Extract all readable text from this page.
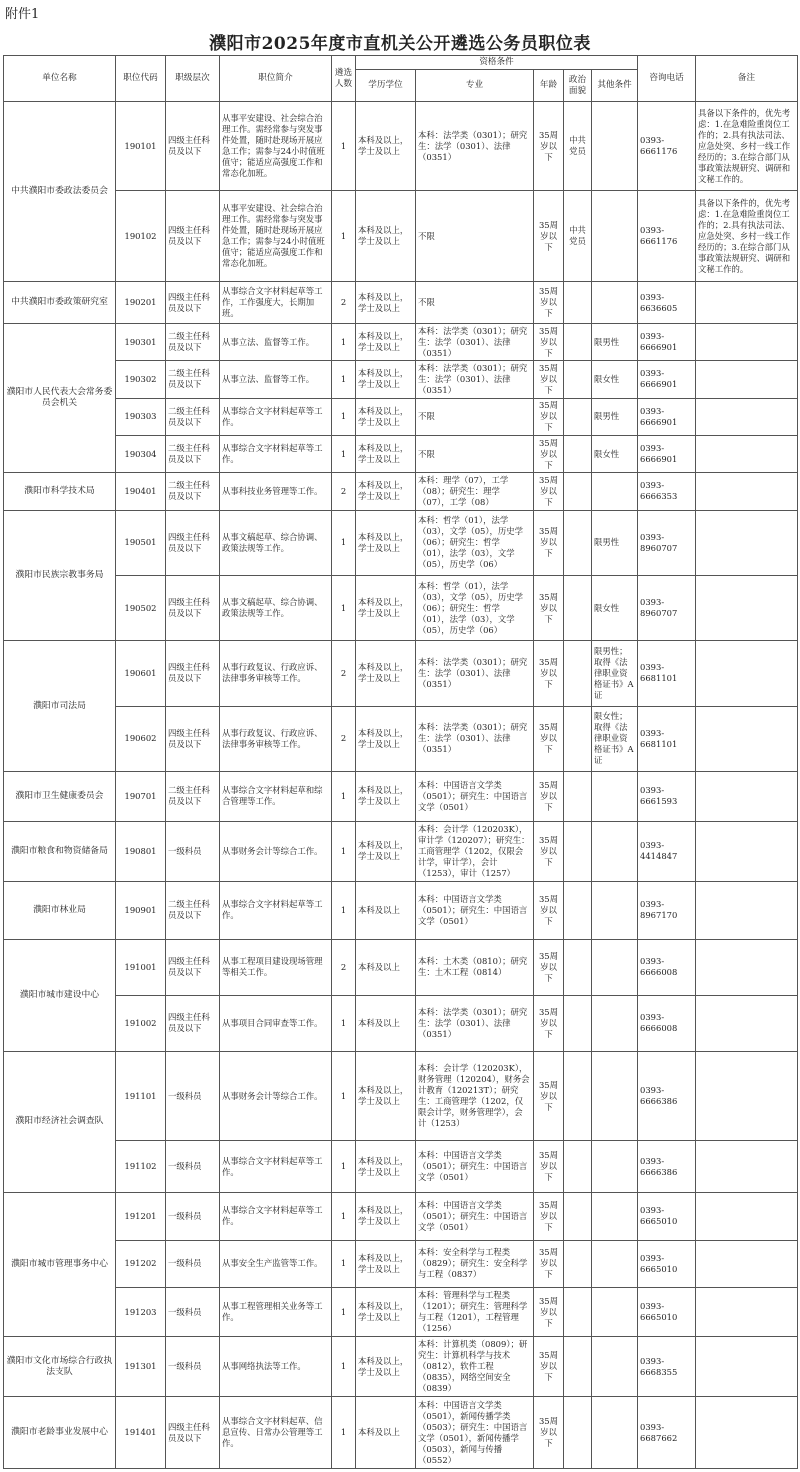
附件1
濮阳市2025年度市直机关公开遴选公务员职位表
单位名称	职位代码	职级层次	职位简介	遴选人数	资格条件					咨询电话	备注
					学历学位	专业	年龄	政治面貌	其他条件		
中共濮阳市委政法委员会	190101	四级主任科员及以下	从事平安建设、社会综合治理工作。需经常参与突发事件处置，随时赴现场开展应急工作；需参与24小时值班值守；能适应高强度工作和常态化加班。	1	本科及以上，学士及以上	本科：法学类（0301）；研究生：法学（0301）、法律（0351）	35周岁以下	中共党员		0393-6661176	具备以下条件的，优先考虑：1.在急难险重岗位工作的；2.具有执法司法、应急处突、乡村一线工作经历的；3.在综合部门从事政策法规研究、调研和文秘工作的。
	190102	四级主任科员及以下	从事平安建设、社会综合治理工作。需经常参与突发事件处置，随时赴现场开展应急工作；需参与24小时值班值守；能适应高强度工作和常态化加班。	1	本科及以上，学士及以上	不限	35周岁以下	中共党员		0393-6661176	具备以下条件的，优先考虑：1.在急难险重岗位工作的；2.具有执法司法、应急处突、乡村一线工作经历的；3.在综合部门从事政策法规研究、调研和文秘工作的。
中共濮阳市委政策研究室	190201	四级主任科员及以下	从事综合文字材料起草等工作，工作强度大，长期加班。	2	本科及以上，学士及以上	不限	35周岁以下			0393-6636605	
濮阳市人民代表大会常务委员会机关	190301	二级主任科员及以下	从事立法、监督等工作。	1	本科及以上，学士及以上	本科：法学类（0301）；研究生：法学（0301）、法律（0351）	35周岁以下		限男性	0393-6666901	
	190302	二级主任科员及以下	从事立法、监督等工作。	1	本科及以上，学士及以上	本科：法学类（0301）；研究生：法学（0301）、法律（0351）	35周岁以下		限女性	0393-6666901	
	190303	二级主任科员及以下	从事综合文字材料起草等工作。	1	本科及以上，学士及以上	不限	35周岁以下		限男性	0393-6666901	
	190304	二级主任科员及以下	从事综合文字材料起草等工作。	1	本科及以上，学士及以上	不限	35周岁以下		限女性	0393-6666901	
濮阳市科学技术局	190401	二级主任科员及以下	从事科技业务管理等工作。	2	本科及以上，学士及以上	本科：理学（07），工学（08）；研究生：理学（07），工学（08）	35周岁以下			0393-6666353	
濮阳市民族宗教事务局	190501	四级主任科员及以下	从事文稿起草、综合协调、政策法规等工作。	1	本科及以上，学士及以上	本科：哲学（01），法学（03），文学（05），历史学（06）；研究生：哲学（01），法学（03），文学（05），历史学（06）	35周岁以下		限男性	0393-8960707	
	190502	四级主任科员及以下	从事文稿起草、综合协调、政策法规等工作。	1	本科及以上，学士及以上	本科：哲学（01），法学（03），文学（05），历史学（06）；研究生：哲学（01），法学（03），文学（05），历史学（06）	35周岁以下		限女性	0393-8960707	
濮阳市司法局	190601	四级主任科员及以下	从事行政复议、行政应诉、法律事务审核等工作。	2	本科及以上，学士及以上	本科：法学类（0301）；研究生：法学（0301）、法律（0351）	35周岁以下		限男性；取得《法律职业资格证书》A证	0393-6681101	
	190602	四级主任科员及以下	从事行政复议、行政应诉、法律事务审核等工作。	2	本科及以上，学士及以上	本科：法学类（0301）；研究生：法学（0301）、法律（0351）	35周岁以下		限女性；取得《法律职业资格证书》A证	0393-6681101	
濮阳市卫生健康委员会	190701	二级主任科员及以下	从事综合文字材料起草和综合管理等工作。	1	本科及以上，学士及以上	本科：中国语言文学类（0501）；研究生：中国语言文学（0501）	35周岁以下			0393-6661593	
濮阳市粮食和物资储备局	190801	一级科员	从事财务会计等综合工作。	1	本科及以上，学士及以上	本科：会计学（120203K），审计学（120207）；研究生：工商管理学（1202，仅限会计学，审计学），会计（1253），审计（1257）	35周岁以下			0393-4414847	
濮阳市林业局	190901	二级主任科员及以下	从事综合文字材料起草等工作。	1	本科及以上	本科：中国语言文学类（0501）；研究生：中国语言文学（0501）	35周岁以下			0393-8967170	
濮阳市城市建设中心	191001	四级主任科员及以下	从事工程项目建设现场管理等相关工作。	2	本科及以上	本科：土木类（0810）；研究生：土木工程（0814）	35周岁以下			0393-6666008	
	191002	四级主任科员及以下	从事项目合同审查等工作。	1	本科及以上	本科：法学类（0301）；研究生：法学（0301）、法律（0351）	35周岁以下			0393-6666008	
濮阳市经济社会调查队	191101	一级科员	从事财务会计等综合工作。	1	本科及以上，学士及以上	本科：会计学（120203K），财务管理（120204），财务会计教育（120213T）；研究生：工商管理学（1202，仅限会计学，财务管理学），会计（1253）	35周岁以下			0393-6666386	
	191102	一级科员	从事综合文字材料起草等工作。	1	本科及以上，学士及以上	本科：中国语言文学类（0501）；研究生：中国语言文学（0501）	35周岁以下			0393-6666386	
濮阳市城市管理事务中心	191201	一级科员	从事综合文字材料起草等工作。	1	本科及以上，学士及以上	本科：中国语言文学类（0501）；研究生：中国语言文学（0501）	35周岁以下			0393-6665010	
	191202	一级科员	从事安全生产监管等工作。	1	本科及以上，学士及以上	本科：安全科学与工程类（0829）；研究生：安全科学与工程（0837）	35周岁以下			0393-6665010	
	191203	一级科员	从事工程管理相关业务等工作。	1	本科及以上，学士及以上	本科：管理科学与工程类（1201）；研究生：管理科学与工程（1201），工程管理（1256）	35周岁以下			0393-6665010	
濮阳市文化市场综合行政执法支队	191301	一级科员	从事网络执法等工作。	1	本科及以上，学士及以上	本科：计算机类（0809）；研究生：计算机科学与技术（0812），软件工程（0835），网络空间安全（0839）	35周岁以下			0393-6668355	
濮阳市老龄事业发展中心	191401	四级主任科员及以下	从事综合文字材料起草、信息宣传、日常办公管理等工作。	1	本科及以上	本科：中国语言文学类（0501），新闻传播学类（0503）；研究生：中国语言文学（0501），新闻传播学（0503），新闻与传播（0552）	35周岁以下			0393-6687662	
